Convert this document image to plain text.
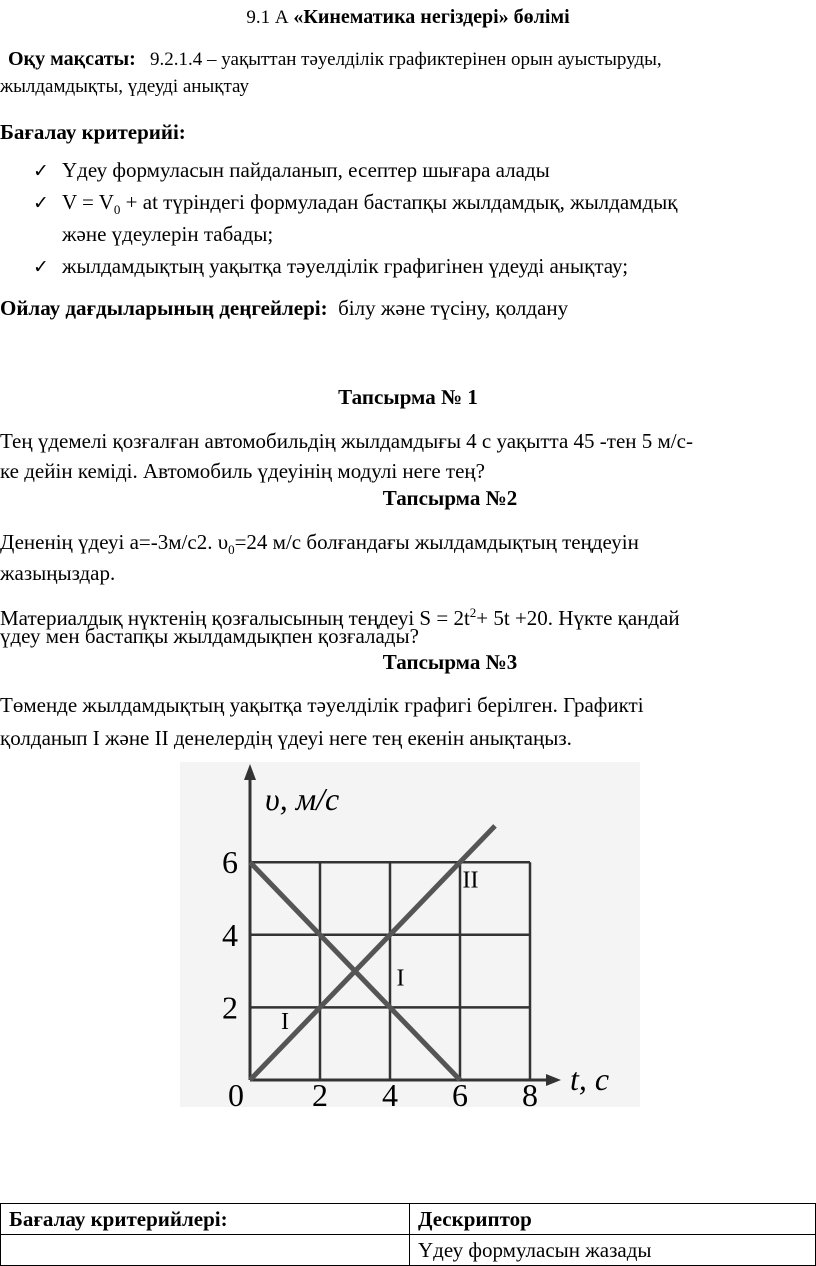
9.1 А «Кинематика негіздері» бөлімі
Оқу мақсаты: 9.2.1.4 – уақыттан тәуелділік графиктерінен орын ауыстыруды,
жылдамдықты, үдеуді анықтау
Бағалау критерийі:
✓ Үдеу формуласын пайдаланып, есептер шығара алады
✓ $V = V_0$ + at түріндегі формуладан бастапқы жылдамдық, жылдамдық
және үдеулерін табады;
✓ жылдамдықтың уақытқа тәуелділік графигінен үдеуді анықтау;
Ойлау дағдыларының деңгейлері: білу және түсіну, қолдану
Тапсырма № 1
Тең үдемелі қозғалған автомобильдің жылдамдығы 4 с уақытта 45 -тен 5 м/с-
ке дейін кеміді. Автомобиль үдеуінің модулі неге тең?
Тапсырма №2
Дененің үдеуі а=-3м/с2. $\upsilon_0=24$ м/с болғандағы жылдамдықтың теңдеуін
жазыңыздар.
Материалдық нүктенің қозғалысының теңдеуі $S = 2t^2+ 5t +20$. Нүкте қандай
үдеу мен бастапқы жылдамдықпен қозғалады?
Тапсырма №3
Төменде жылдамдықтың уақытқа тәуелділік графигі берілген. Графикті
қолданып І және ІІ денелердің үдеуі неге тең екенін анықтаңыз.
υ, м/с
t, с
I
I
II
0 2 4 6 8
2
4
6
Бағалау критерийлері:	Дескриптор
	Үдеу формуласын жазады
